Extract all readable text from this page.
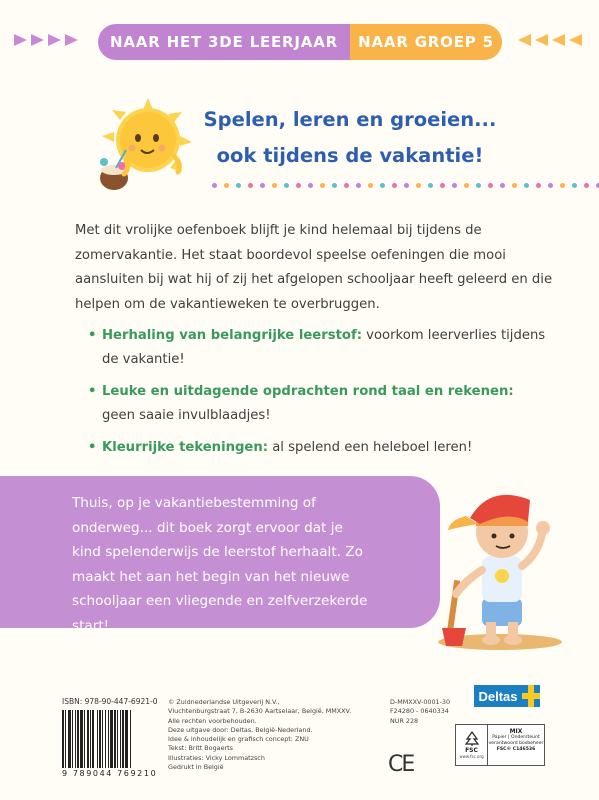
NAAR HET 3DE LEERJAAR	NAAR GROEP 5
Spelen, leren en groeien...
ook tijdens de vakantie!

Met dit vrolijke oefenboek blijft je kind helemaal bij tijdens de zomervakantie. Het staat boordevol speelse oefeningen die mooi aansluiten bij wat hij of zij het afgelopen schooljaar heeft geleerd en die helpen om de vakantieweken te overbruggen.

• Herhaling van belangrijke leerstof: voorkom leerverlies tijdens de vakantie!
• Leuke en uitdagende opdrachten rond taal en rekenen: geen saaie invulblaadjes!
• Kleurrijke tekeningen: al spelend een heleboel leren!

Thuis, op je vakantiebestemming of onderweg... dit boek zorgt ervoor dat je kind spelenderwijs de leerstof herhaalt. Zo maakt het aan het begin van het nieuwe schooljaar een vliegende en zelfverzekerde start!

ISBN: 978-90-447-6921-0
9 789044 769210
© Zuidnederlandse Uitgeverij N.V.,
Vluchtenburgstraat 7, B-2630 Aartselaar, België, MMXXV.
Alle rechten voorbehouden.
Deze uitgave door: Deltas, België-Nederland.
Idee & inhoudelijk en grafisch concept: ZNU
Tekst: Britt Bogaerts
Illustraties: Vicky Lommatzsch
Gedrukt in België
D-MMXXV-0001-30
F24280 - 0640334
NUR 228
Deltas
CE
FSC
www.fsc.org
MIX
Papier | Ondersteunt
verantwoord bosbeheer
FSC® C146536
